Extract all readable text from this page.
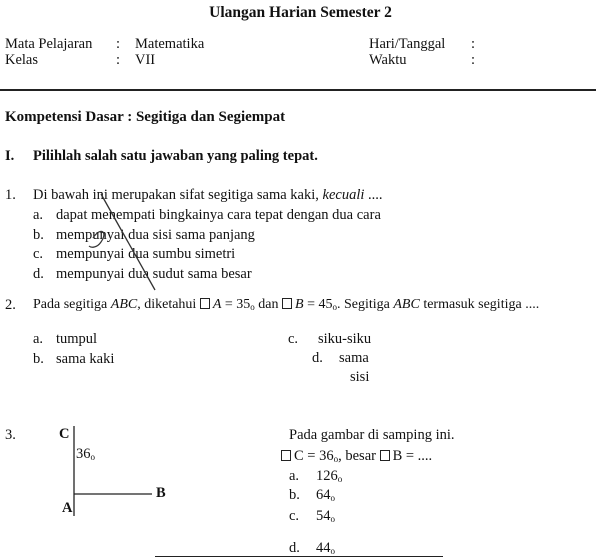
Ulangan Harian Semester 2
Mata Pelajaran : Matematika
Kelas	: VII
Hari/Tanggal :
Waktu	:
Kompetensi Dasar : Segitiga dan Segiempat
I. Pilihlah salah satu jawaban yang paling tepat.
1. Di bawah ini merupakan sifat segitiga sama kaki, kecuali ....
a. dapat menempati bingkainya cara tepat dengan dua cara
b. mempunyai dua sisi sama panjang
c. mempunyai dua sumbu simetri
d. mempunyai dua sudut sama besar
2. Pada segitiga ABC, diketahui $A = 35_o$ dan $B = 45_o$. Segitiga ABC termasuk segitiga ....
a. tumpul
b. sama kaki
c. siku-siku
d. sama
sisi
3.	C
$36_o$
A
B
Pada gambar di samping ini.
$C = 36_o$, besar B = ....
a. $126_o$
b. $64_o$
c. $54_o$
d. $44_o$
